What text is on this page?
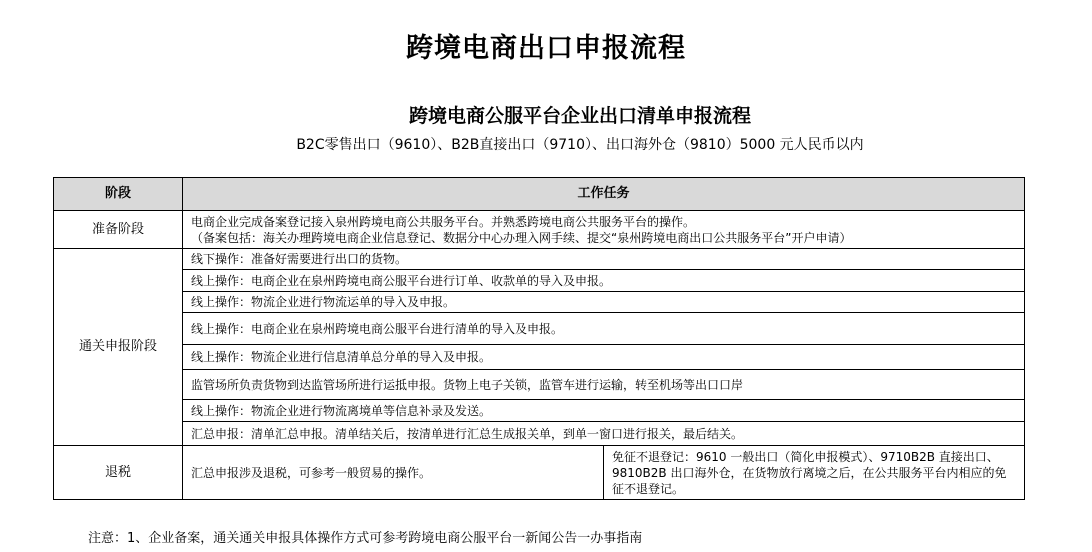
跨境电商出口申报流程
跨境电商公服平台企业出口清单申报流程
B2C零售出口（9610）、B2B直接出口（9710）、出口海外仓（9810）5000 元人民币以内
阶段	工作任务	
准备阶段	电商企业完成备案登记接入泉州跨境电商公共服务平台。并熟悉跨境电商公共服务平台的操作。
（备案包括：海关办理跨境电商企业信息登记、数据分中心办理入网手续、提交“泉州跨境电商出口公共服务平台”开户申请）	

通关申报阶段	线下操作：准备好需要进行出口的货物。	
	线上操作：电商企业在泉州跨境电商公服平台进行订单、收款单的导入及申报。	
	线上操作：物流企业进行物流运单的导入及申报。	
	线上操作：电商企业在泉州跨境电商公服平台进行清单的导入及申报。	
	线上操作：物流企业进行信息清单总分单的导入及申报。	
	监管场所负责货物到达监管场所进行运抵申报。货物上电子关锁，监管车进行运输，转至机场等出口口岸	
	线上操作：物流企业进行物流离境单等信息补录及发送。	
	汇总申报：清单汇总申报。清单结关后，按清单进行汇总生成报关单，到单一窗口进行报关，最后结关。	
退税	汇总申报涉及退税，可参考一般贸易的操作。	免征不退登记：9610 一般出口（简化申报模式）、9710B2B 直接出口、9810B2B 出口海外仓，在货物放行离境之后，在公共服务平台内相应的免征不退登记。
注意：1、企业备案，通关通关申报具体操作方式可参考跨境电商公服平台一新闻公告一办事指南
